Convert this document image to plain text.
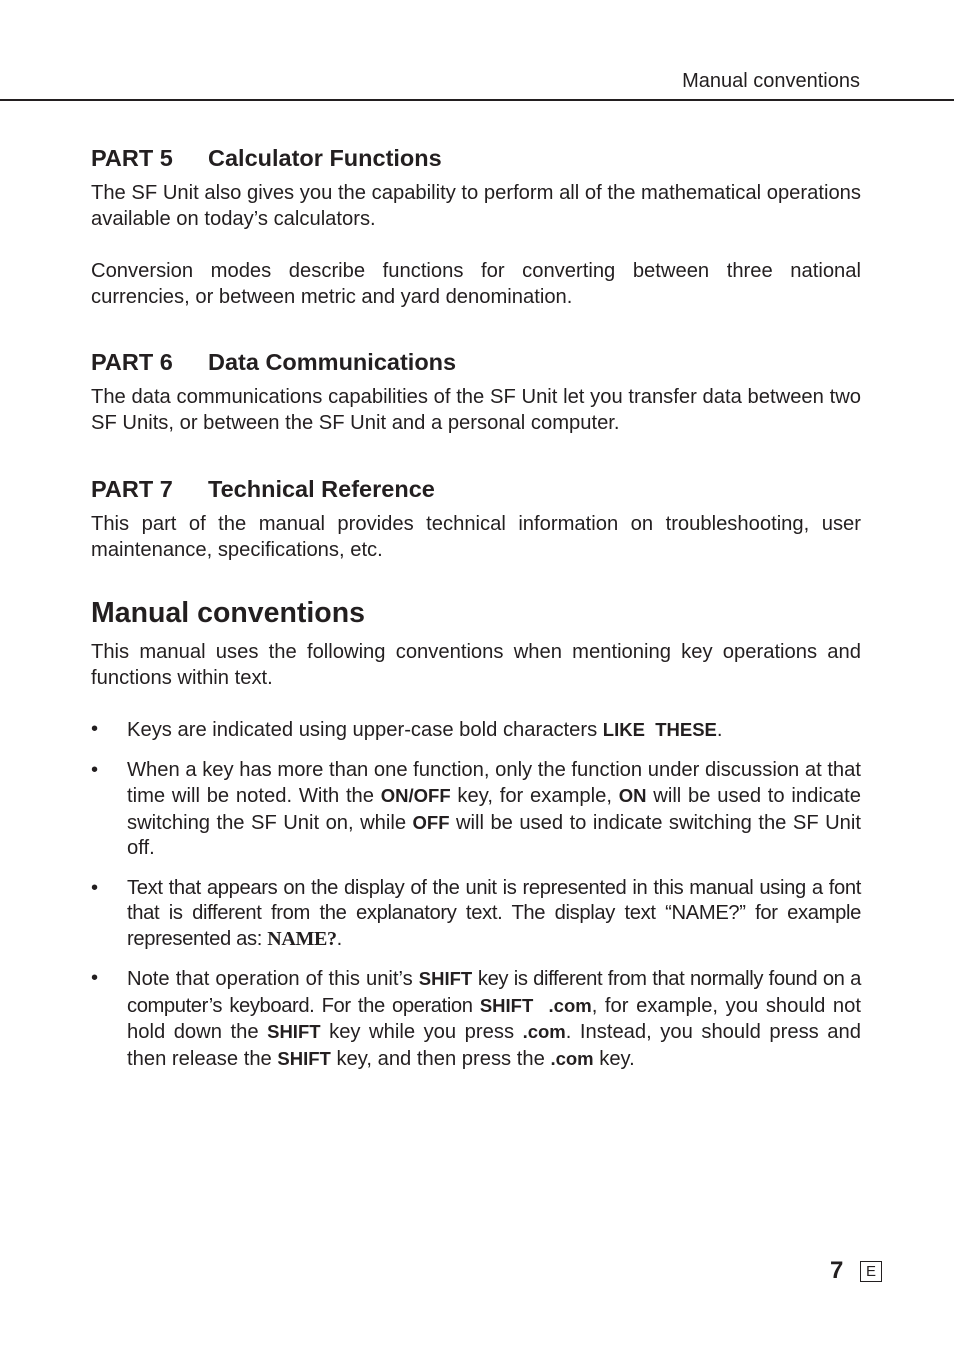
Manual conventions
PART 5 Calculator Functions

The SF Unit also gives you the capability to perform all of the mathematical operations available on today’s calculators.

Conversion modes describe functions for converting between three national currencies, or between metric and yard denomination.

PART 6 Data Communications

The data communications capabilities of the SF Unit let you transfer data between two SF Units, or between the SF Unit and a personal computer.

PART 7 Technical Reference

This part of the manual provides technical information on troubleshooting, user maintenance, specifications, etc.

Manual conventions

This manual uses the following conventions when mentioning key operations and functions within text.

• Keys are indicated using upper-case bold characters LIKE  THESE.
• When a key has more than one function, only the function under discussion at that time will be noted. With the ON/OFF key, for example, ON will be used to indicate switching the SF Unit on, while OFF will be used to indicate switching the SF Unit off.
• Text that appears on the display of the unit is represented in this manual using a font that is different from the explanatory text. The display text “NAME?” for example represented as: NAME?.
• Note that operation of this unit’s SHIFT key is different from that normally found on a computer’s keyboard. For the operation SHIFT .com, for example, you should not hold down the SHIFT key while you press .com. Instead, you should press and then release the SHIFT key, and then press the .com key.
7	E
